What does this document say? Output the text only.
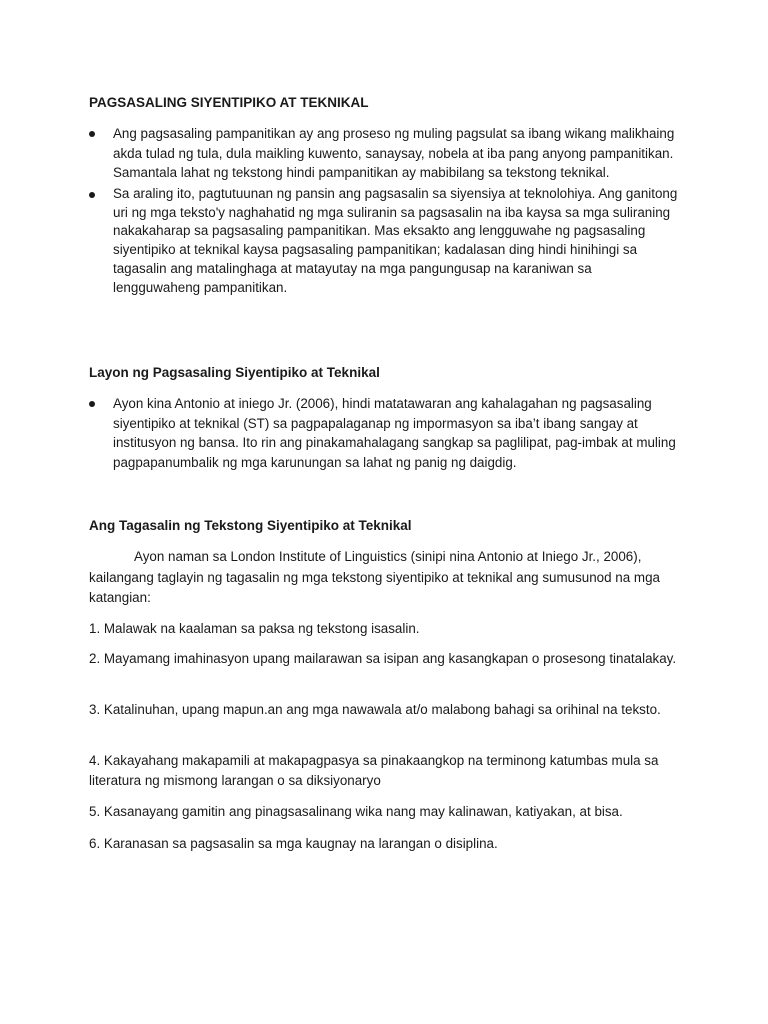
PAGSASALING SIYENTIPIKO AT TEKNIKAL
Ang pagsasaling pampanitikan ay ang proseso ng muling pagsulat sa ibang wikang malikhaing akda tulad ng tula, dula maikling kuwento, sanaysay, nobela at iba pang anyong pampanitikan. Samantala lahat ng tekstong hindi pampanitikan ay mabibilang sa tekstong teknikal.
Sa araling ito, pagtutuunan ng pansin ang pagsasalin sa siyensiya at teknolohiya. Ang ganitong uri ng mga teksto'y naghahatid ng mga suliranin sa pagsasalin na iba kaysa sa mga suliraning nakakaharap sa pagsasaling pampanitikan. Mas eksakto ang lengguwahe ng pagsasaling siyentipiko at teknikal kaysa pagsasaling pampanitikan; kadalasan ding hindi hinihingi sa tagasalin ang matalinghaga at matayutay na mga pangungusap na karaniwan sa lengguwaheng pampanitikan.
Layon ng Pagsasaling Siyentipiko at Teknikal
Ayon kina Antonio at iniego Jr. (2006), hindi matatawaran ang kahalagahan ng pagsasaling siyentipiko at teknikal (ST) sa pagpapalaganap ng impormasyon sa iba’t ibang sangay at institusyon ng bansa. Ito rin ang pinakamahalagang sangkap sa paglilipat, pag-imbak at muling pagpapanumbalik ng mga karunungan sa lahat ng panig ng daigdig.
Ang Tagasalin ng Tekstong Siyentipiko at Teknikal

Ayon naman sa London Institute of Linguistics (sinipi nina Antonio at Iniego Jr., 2006), kailangang taglayin ng tagasalin ng mga tekstong siyentipiko at teknikal ang sumusunod na mga katangian:

1. Malawak na kaalaman sa paksa ng tekstong isasalin.
2. Mayamang imahinasyon upang mailarawan sa isipan ang kasangkapan o prosesong tinatalakay.
3. Katalinuhan, upang mapun.an ang mga nawawala at/o malabong bahagi sa orihinal na teksto.
4. Kakayahang makapamili at makapagpasya sa pinakaangkop na terminong katumbas mula sa literatura ng mismong larangan o sa diksiyonaryo
5. Kasanayang gamitin ang pinagsasalinang wika nang may kalinawan, katiyakan, at bisa.
6. Karanasan sa pagsasalin sa mga kaugnay na larangan o disiplina.
